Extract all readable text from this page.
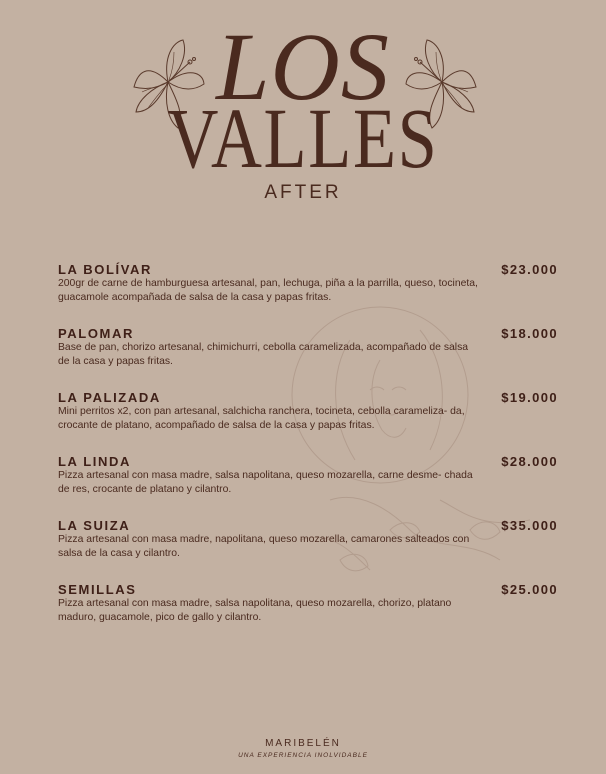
LOS
VALLES
AFTER
LA BOLÍVAR	$23.000
200gr de carne de hamburguesa artesanal, pan, lechuga, piña a la parrilla, queso, tocineta, guacamole acompañada de salsa de la casa y papas fritas.
PALOMAR	$18.000
Base de pan, chorizo artesanal, chimichurri, cebolla caramelizada, acompañado de salsa de la casa y papas fritas.
LA PALIZADA	$19.000
Mini perritos x2, con pan artesanal, salchicha ranchera, tocineta, cebolla carameliza- da, crocante de platano, acompañado de salsa de la casa y papas fritas.
LA LINDA	$28.000
Pizza artesanal con masa madre, salsa napolitana, queso mozarella, carne desme- chada de res, crocante de platano y cilantro.
LA SUIZA	$35.000
Pizza artesanal con masa madre, napolitana, queso mozarella, camarones salteados con salsa de la casa y cilantro.
SEMILLAS	$25.000
Pizza artesanal con masa madre, salsa napolitana, queso mozarella, chorizo, platano maduro, guacamole, pico de gallo y cilantro.
MARIBELÉN
UNA EXPERIENCIA INOLVIDABLE
